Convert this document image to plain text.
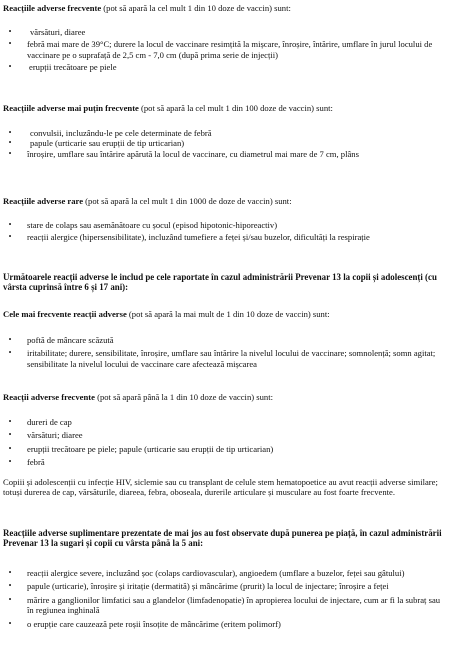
Reacțiile adverse frecvente (pot să apară la cel mult 1 din 10 doze de vaccin) sunt:

•	vărsături, diaree
•	febră mai mare de 39°C; durere la locul de vaccinare resimțită la mișcare, înroșire, întărire, umflare în jurul locului de vaccinare pe o suprafață de 2,5 cm - 7,0 cm (după prima serie de injecții)
•	erupții trecătoare pe piele

Reacțiile adverse mai puțin frecvente (pot să apară la cel mult 1 din 100 doze de vaccin) sunt:

•	convulsii, incluzându-le pe cele determinate de febră
•	papule (urticarie sau erupții de tip urticarian)
•	înroșire, umflare sau întărire apărută la locul de vaccinare, cu diametrul mai mare de 7 cm, plâns

Reacțiile adverse rare (pot să apară la cel mult 1 din 1000 de doze de vaccin) sunt:

•	stare de colaps sau asemănătoare cu șocul (episod hipotonic-hiporeactiv)
•	reacții alergice (hipersensibilitate), incluzând tumefiere a feței și/sau buzelor, dificultăți la respirație

Următoarele reacții adverse le includ pe cele raportate în cazul administrării Prevenar 13 la copii și adolescenți (cu vârsta cuprinsă între 6 și 17 ani):

Cele mai frecvente reacții adverse (pot să apară la mai mult de 1 din 10 doze de vaccin) sunt:

•	poftă de mâncare scăzută
•	iritabilitate; durere, sensibilitate, înroșire, umflare sau întărire la nivelul locului de vaccinare; somnolență; somn agitat; sensibilitate la nivelul locului de vaccinare care afectează mișcarea

Reacții adverse frecvente (pot să apară până la 1 din 10 doze de vaccin) sunt:

•	dureri de cap
•	vărsături; diaree
•	erupții trecătoare pe piele; papule (urticarie sau erupții de tip urticarian)
•	febră

Copiii și adolescenții cu infecție HIV, siclemie sau cu transplant de celule stem hematopoetice au avut reacții adverse similare; totuși durerea de cap, vărsăturile, diareea, febra, oboseala, durerile articulare și musculare au fost foarte frecvente.

Reacțiile adverse suplimentare prezentate de mai jos au fost observate după punerea pe piață, în cazul administrării Prevenar 13 la sugari și copii cu vârsta până la 5 ani:

•	reacții alergice severe, incluzând șoc (colaps cardiovascular), angioedem (umflare a buzelor, feței sau gâtului)
•	papule (urticarie), înroșire și iritație (dermatită) și mâncărime (prurit) la locul de injectare; înroșire a feței
•	mărire a ganglionilor limfatici sau a glandelor (limfadenopatie) în apropierea locului de injectare, cum ar fi la subraț sau în regiunea inghinală
•	o erupție care cauzează pete roșii însoțite de mâncărime (eritem polimorf)
